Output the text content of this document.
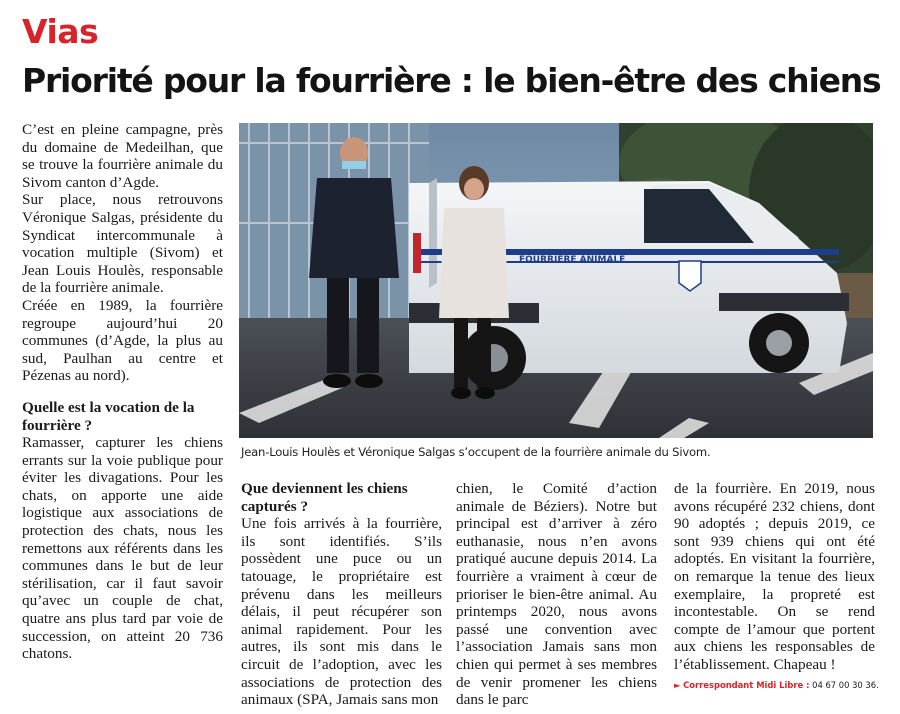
Vias
Priorité pour la fourrière : le bien-être des chiens

C’est en pleine campagne, près du domaine de Medeilhan, que se trouve la fourrière animale du Sivom canton d’Agde.

Sur place, nous retrouvons Véronique Salgas, présidente du Syndicat intercommunale à vocation multiple (Sivom) et Jean Louis Houlès, responsable de la fourrière animale.

Créée en 1989, la fourrière regroupe aujourd’hui 20 communes (d’Agde, la plus au sud, Paulhan au centre et Pézenas au nord).

Quelle est la vocation de la fourrière ?

Ramasser, capturer les chiens errants sur la voie publique pour éviter les divagations. Pour les chats, on apporte une aide logistique aux associations de protection des chats, nous les remettons aux référents dans les communes dans le but de leur stérilisation, car il faut savoir qu’avec un couple de chat, quatre ans plus tard par voie de succession, on atteint 20 736 chatons.

FOURRIERE ANIMALE
Jean-Louis Houlès et Véronique Salgas s’occupent de la fourrière animale du Sivom.

Que deviennent les chiens capturés ?

Une fois arrivés à la fourrière, ils sont identifiés. S’ils possèdent une puce ou un tatouage, le propriétaire est prévenu dans les meilleurs délais, il peut récupérer son animal rapidement. Pour les autres, ils sont mis dans le circuit de l’adoption, avec les associations de protection des animaux (SPA, Jamais sans mon

chien, le Comité d’action animale de Béziers). Notre but principal est d’arriver à zéro euthanasie, nous n’en avons pratiqué aucune depuis 2014. La fourrière a vraiment à cœur de prioriser le bien-être animal. Au printemps 2020, nous avons passé une convention avec l’association Jamais sans mon chien qui permet à ses membres de venir promener les chiens dans le parc

de la fourrière. En 2019, nous avons récupéré 232 chiens, dont 90 adoptés ; depuis 2019, ce sont 939 chiens qui ont été adoptés. En visitant la fourrière, on remarque la tenue des lieux exemplaire, la propreté est incontestable. On se rend compte de l’amour que portent aux chiens les responsables de l’établissement. Chapeau !

► Correspondant Midi Libre : 04 67 00 30 36.
